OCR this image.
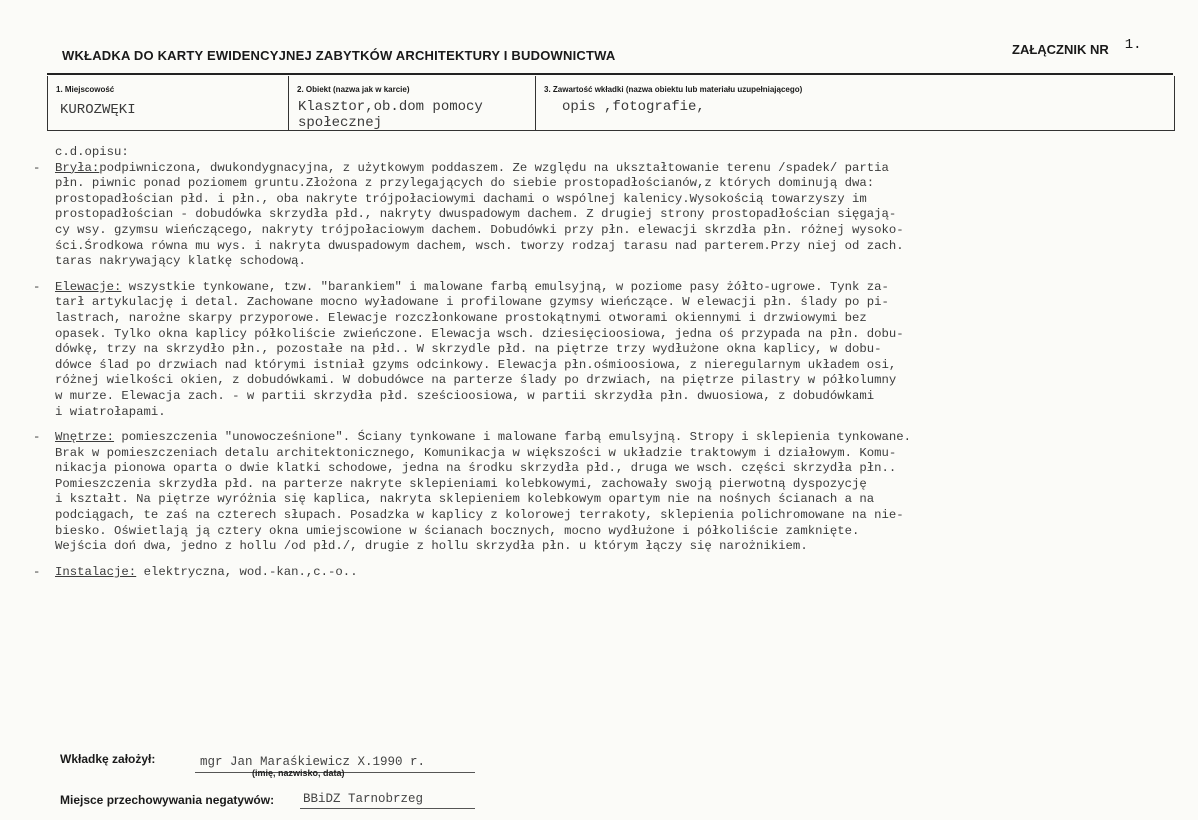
WKŁADKA DO KARTY EWIDENCYJNEJ ZABYTKÓW ARCHITEKTURY I BUDOWNICTWA	ZAŁĄCZNIK NR 1.
1. Miejscowość
KUROZWĘKI
2. Obiekt (nazwa jak w karcie)
Klasztor,ob.dom pomocy
społecznej
3. Zawartość wkładki (nazwa obiektu lub materiału uzupełniającego)
opis ,fotografie,
c.d.opisu:
- Bryła:podpiwniczona, dwukondygnacyjna, z użytkowym poddaszem. Ze względu na ukształtowanie terenu /spadek/ partia
płn. piwnic ponad poziomem gruntu.Złożona z przylegających do siebie prostopadłościanów,z których dominują dwa:
prostopadłościan płd. i płn., oba nakryte trójpołaciowymi dachami o wspólnej kalenicy.Wysokością towarzyszy im
prostopadłościan - dobudówka skrzydła płd., nakryty dwuspadowym dachem. Z drugiej strony prostopadłościan sięgają-
cy wsy. gzymsu wieńczącego, nakryty trójpołaciowym dachem. Dobudówki przy płn. elewacji skrzdła płn. różnej wysoko-
ści.Środkowa równa mu wys. i nakryta dwuspadowym dachem, wsch. tworzy rodzaj tarasu nad parterem.Przy niej od zach.
taras nakrywający klatkę schodową.
- Elewacje: wszystkie tynkowane, tzw. "barankiem" i malowane farbą emulsyjną, w poziome pasy żółto-ugrowe. Tynk za-
tarł artykulację i detal. Zachowane mocno wyładowane i profilowane gzymsy wieńczące. W elewacji płn. ślady po pi-
lastrach, narożne skarpy przyporowe. Elewacje rozczłonkowane prostokątnymi otworami okiennymi i drzwiowymi bez
opasek. Tylko okna kaplicy półkoliście zwieńczone. Elewacja wsch. dziesięcioosiowa, jedna oś przypada na płn. dobu-
dówkę, trzy na skrzydło płn., pozostałe na płd.. W skrzydle płd. na piętrze trzy wydłużone okna kaplicy, w dobu-
dówce ślad po drzwiach nad którymi istniał gzyms odcinkowy. Elewacja płn.ośmioosiowa, z nieregularnym układem osi,
różnej wielkości okien, z dobudówkami. W dobudówce na parterze ślady po drzwiach, na piętrze pilastry w półkolumny
w murze. Elewacja zach. - w partii skrzydła płd. sześcioosiowa, w partii skrzydła płn. dwuosiowa, z dobudówkami
i wiatrołapami.
- Wnętrze: pomieszczenia "unowocześnione". Ściany tynkowane i malowane farbą emulsyjną. Stropy i sklepienia tynkowane.
Brak w pomieszczeniach detalu architektonicznego, Komunikacja w większości w układzie traktowym i działowym. Komu-
nikacja pionowa oparta o dwie klatki schodowe, jedna na środku skrzydła płd., druga we wsch. części skrzydła płn..
Pomieszczenia skrzydła płd. na parterze nakryte sklepieniami kolebkowymi, zachowały swoją pierwotną dyspozycję
i kształt. Na piętrze wyróżnia się kaplica, nakryta sklepieniem kolebkowym opartym nie na nośnych ścianach a na
podciągach, te zaś na czterech słupach. Posadzka w kaplicy z kolorowej terrakoty, sklepienia polichromowane na nie-
biesko. Oświetlają ją cztery okna umiejscowione w ścianach bocznych, mocno wydłużone i półkoliście zamknięte.
Wejścia doń dwa, jedno z hollu /od płd./, drugie z hollu skrzydła płn. u którym łączy się narożnikiem.
- Instalacje: elektryczna, wod.-kan.,c.-o..
Wkładkę założył:	mgr Jan Maraśkiewicz X.1990 r.
(imię, nazwisko, data)
Miejsce przechowywania negatywów: BBiDZ Tarnobrzeg
